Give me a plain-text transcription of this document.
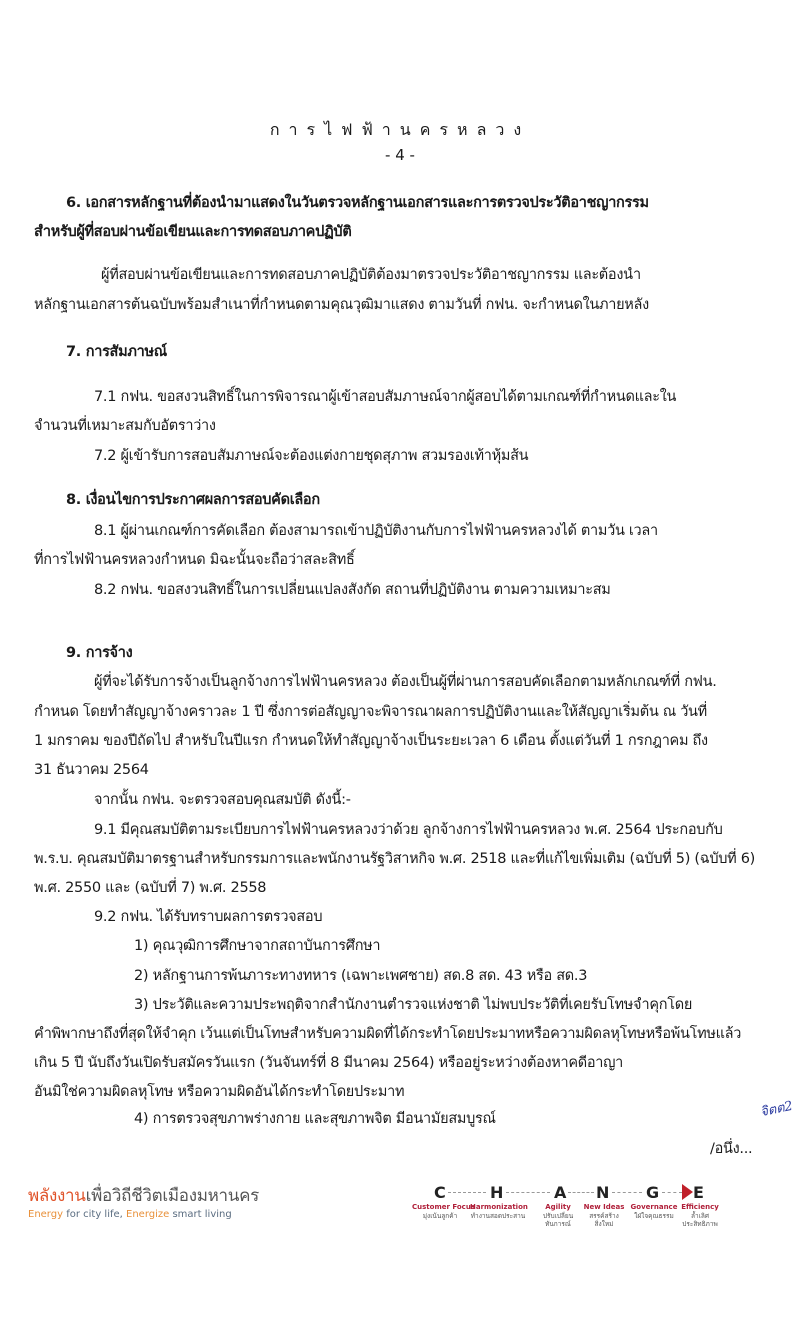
การไฟฟ้านครหลวง
- 4 -
6. เอกสารหลักฐานที่ต้องนำมาแสดงในวันตรวจหลักฐานเอกสารและการตรวจประวัติอาชญากรรม
สำหรับผู้ที่สอบผ่านข้อเขียนและการทดสอบภาคปฏิบัติ
ผู้ที่สอบผ่านข้อเขียนและการทดสอบภาคปฏิบัติต้องมาตรวจประวัติอาชญากรรม และต้องนำ
หลักฐานเอกสารต้นฉบับพร้อมสำเนาที่กำหนดตามคุณวุฒิมาแสดง ตามวันที่ กฟน. จะกำหนดในภายหลัง
7. การสัมภาษณ์
7.1 กฟน. ขอสงวนสิทธิ์ในการพิจารณาผู้เข้าสอบสัมภาษณ์จากผู้สอบได้ตามเกณฑ์ที่กำหนดและใน
จำนวนที่เหมาะสมกับอัตราว่าง
7.2 ผู้เข้ารับการสอบสัมภาษณ์จะต้องแต่งกายชุดสุภาพ สวมรองเท้าหุ้มส้น
8. เงื่อนไขการประกาศผลการสอบคัดเลือก
8.1 ผู้ผ่านเกณฑ์การคัดเลือก ต้องสามารถเข้าปฏิบัติงานกับการไฟฟ้านครหลวงได้ ตามวัน เวลา
ที่การไฟฟ้านครหลวงกำหนด มิฉะนั้นจะถือว่าสละสิทธิ์
8.2 กฟน. ขอสงวนสิทธิ์ในการเปลี่ยนแปลงสังกัด สถานที่ปฏิบัติงาน ตามความเหมาะสม
9. การจ้าง
ผู้ที่จะได้รับการจ้างเป็นลูกจ้างการไฟฟ้านครหลวง ต้องเป็นผู้ที่ผ่านการสอบคัดเลือกตามหลักเกณฑ์ที่ กฟน.
กำหนด โดยทำสัญญาจ้างคราวละ 1 ปี ซึ่งการต่อสัญญาจะพิจารณาผลการปฏิบัติงานและให้สัญญาเริ่มต้น ณ วันที่
1 มกราคม ของปีถัดไป สำหรับในปีแรก กำหนดให้ทำสัญญาจ้างเป็นระยะเวลา 6 เดือน ตั้งแต่วันที่ 1 กรกฎาคม ถึง
31 ธันวาคม 2564
จากนั้น กฟน. จะตรวจสอบคุณสมบัติ ดังนี้:-
9.1 มีคุณสมบัติตามระเบียบการไฟฟ้านครหลวงว่าด้วย ลูกจ้างการไฟฟ้านครหลวง พ.ศ. 2564 ประกอบกับ
พ.ร.บ. คุณสมบัติมาตรฐานสำหรับกรรมการและพนักงานรัฐวิสาหกิจ พ.ศ. 2518 และที่แก้ไขเพิ่มเติม (ฉบับที่ 5) (ฉบับที่ 6)
พ.ศ. 2550 และ (ฉบับที่ 7) พ.ศ. 2558
9.2 กฟน. ได้รับทราบผลการตรวจสอบ
1) คุณวุฒิการศึกษาจากสถาบันการศึกษา
2) หลักฐานการพ้นภาระทางทหาร (เฉพาะเพศชาย) สด.8 สด. 43 หรือ สด.3
3) ประวัติและความประพฤติจากสำนักงานตำรวจแห่งชาติ ไม่พบประวัติที่เคยรับโทษจำคุกโดย
คำพิพากษาถึงที่สุดให้จำคุก เว้นแต่เป็นโทษสำหรับความผิดที่ได้กระทำโดยประมาทหรือความผิดลหุโทษหรือพ้นโทษแล้ว
เกิน 5 ปี นับถึงวันเปิดรับสมัครวันแรก (วันจันทร์ที่ 8 มีนาคม 2564) หรืออยู่ระหว่างต้องหาคดีอาญา
อันมิใช่ความผิดลหุโทษ หรือความผิดอันได้กระทำโดยประมาท
4) การตรวจสุขภาพร่างกาย และสุขภาพจิต มีอนามัยสมบูรณ์	จิตต2
/อนึ่ง...
พลังงานเพื่อวิถีชีวิตเมืองมหานคร
Energy for city life, Energize smart living
C	H	A N G E
Customer Focus
มุ่งเน้นลูกค้า
Harmonization
ทำงานสอดประสาน
Agility
ปรับเปลี่ยนทันการณ์
New Ideas
สรรค์สร้างสิ่งใหม่
Governance
ใฝ่ใจคุณธรรม
Efficiency
ล้ำเลิศประสิทธิภาพ
